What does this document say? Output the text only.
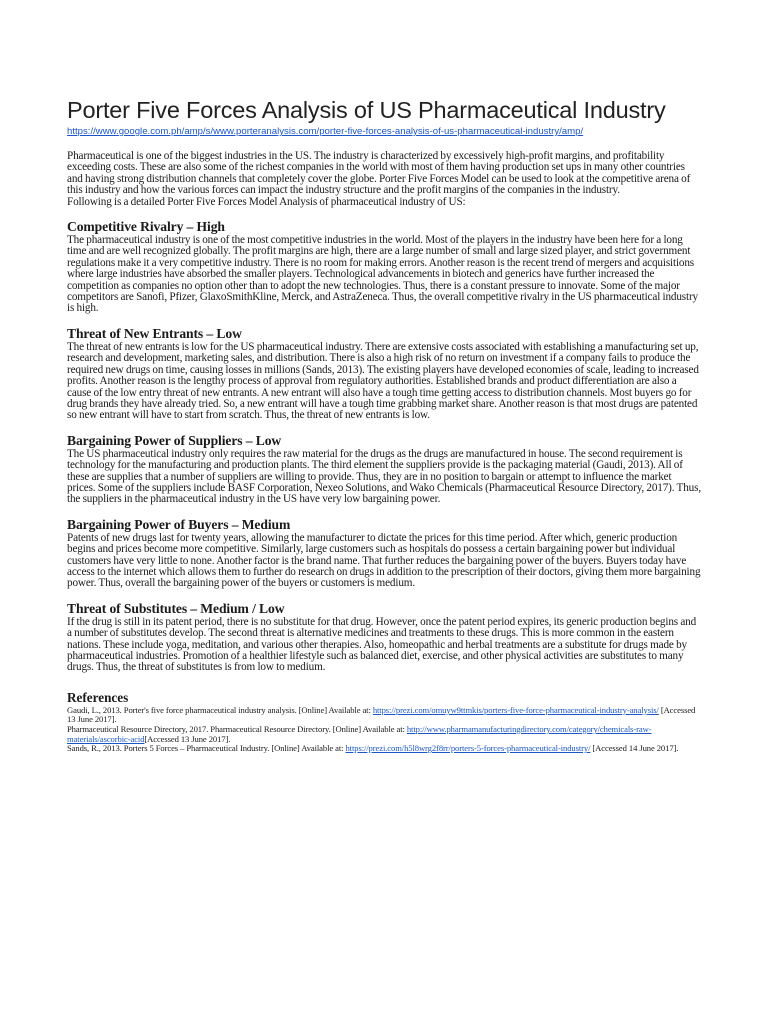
Porter Five Forces Analysis of US Pharmaceutical Industry
https://www.google.com.ph/amp/s/www.porteranalysis.com/porter-five-forces-analysis-of-us-pharmaceutical-industry/amp/

Pharmaceutical is one of the biggest industries in the US. The industry is characterized by excessively high-profit margins, and profitability exceeding costs. These are also some of the richest companies in the world with most of them having production set ups in many other countries and having strong distribution channels that completely cover the globe. Porter Five Forces Model can be used to look at the competitive arena of this industry and how the various forces can impact the industry structure and the profit margins of the companies in the industry.

Following is a detailed Porter Five Forces Model Analysis of pharmaceutical industry of US:

Competitive Rivalry – High

The pharmaceutical industry is one of the most competitive industries in the world. Most of the players in the industry have been here for a long time and are well recognized globally. The profit margins are high, there are a large number of small and large sized player, and strict government regulations make it a very competitive industry. There is no room for making errors. Another reason is the recent trend of mergers and acquisitions where large industries have absorbed the smaller players. Technological advancements in biotech and generics have further increased the competition as companies no option other than to adopt the new technologies. Thus, there is a constant pressure to innovate. Some of the major competitors are Sanofi, Pfizer, GlaxoSmithKline, Merck, and AstraZeneca. Thus, the overall competitive rivalry in the US pharmaceutical industry is high.

Threat of New Entrants – Low

The threat of new entrants is low for the US pharmaceutical industry. There are extensive costs associated with establishing a manufacturing set up, research and development, marketing sales, and distribution. There is also a high risk of no return on investment if a company fails to produce the required new drugs on time, causing losses in millions (Sands, 2013). The existing players have developed economies of scale, leading to increased profits. Another reason is the lengthy process of approval from regulatory authorities. Established brands and product differentiation are also a cause of the low entry threat of new entrants. A new entrant will also have a tough time getting access to distribution channels. Most buyers go for drug brands they have already tried. So, a new entrant will have a tough time grabbing market share. Another reason is that most drugs are patented so new entrant will have to start from scratch. Thus, the threat of new entrants is low.

Bargaining Power of Suppliers – Low

The US pharmaceutical industry only requires the raw material for the drugs as the drugs are manufactured in house. The second requirement is technology for the manufacturing and production plants. The third element the suppliers provide is the packaging material (Gaudi, 2013). All of these are supplies that a number of suppliers are willing to provide. Thus, they are in no position to bargain or attempt to influence the market prices. Some of the suppliers include BASF Corporation, Nexeo Solutions, and Wako Chemicals (Pharmaceutical Resource Directory, 2017). Thus, the suppliers in the pharmaceutical industry in the US have very low bargaining power.

Bargaining Power of Buyers – Medium

Patents of new drugs last for twenty years, allowing the manufacturer to dictate the prices for this time period. After which, generic production begins and prices become more competitive. Similarly, large customers such as hospitals do possess a certain bargaining power but individual customers have very little to none. Another factor is the brand name. That further reduces the bargaining power of the buyers. Buyers today have access to the internet which allows them to further do research on drugs in addition to the prescription of their doctors, giving them more bargaining power. Thus, overall the bargaining power of the buyers or customers is medium.

Threat of Substitutes – Medium / Low

If the drug is still in its patent period, there is no substitute for that drug. However, once the patent period expires, its generic production begins and a number of substitutes develop. The second threat is alternative medicines and treatments to these drugs. This is more common in the eastern nations. These include yoga, meditation, and various other therapies. Also, homeopathic and herbal treatments are a substitute for drugs made by pharmaceutical industries. Promotion of a healthier lifestyle such as balanced diet, exercise, and other physical activities are substitutes to many drugs. Thus, the threat of substitutes is from low to medium.

References
Gaudi, L., 2013. Porter's five force pharmaceutical industry analysis. [Online] Available at: https://prezi.com/omuyw9ttmkis/porters-five-force-pharmaceutical-industry-analysis/ [Accessed 13 June 2017].
Pharmaceutical Resource Directory, 2017. Pharmaceutical Resource Directory. [Online] Available at: http://www.pharmamanufacturingdirectory.com/category/chemicals-raw-materials/ascorbic-acid[Accessed 13 June 2017].
Sands, R., 2013. Porters 5 Forces – Pharmaceutical Industry. [Online] Available at: https://prezi.com/h5l8wrg2f8rr/porters-5-forces-pharmaceutical-industry/ [Accessed 14 June 2017].
